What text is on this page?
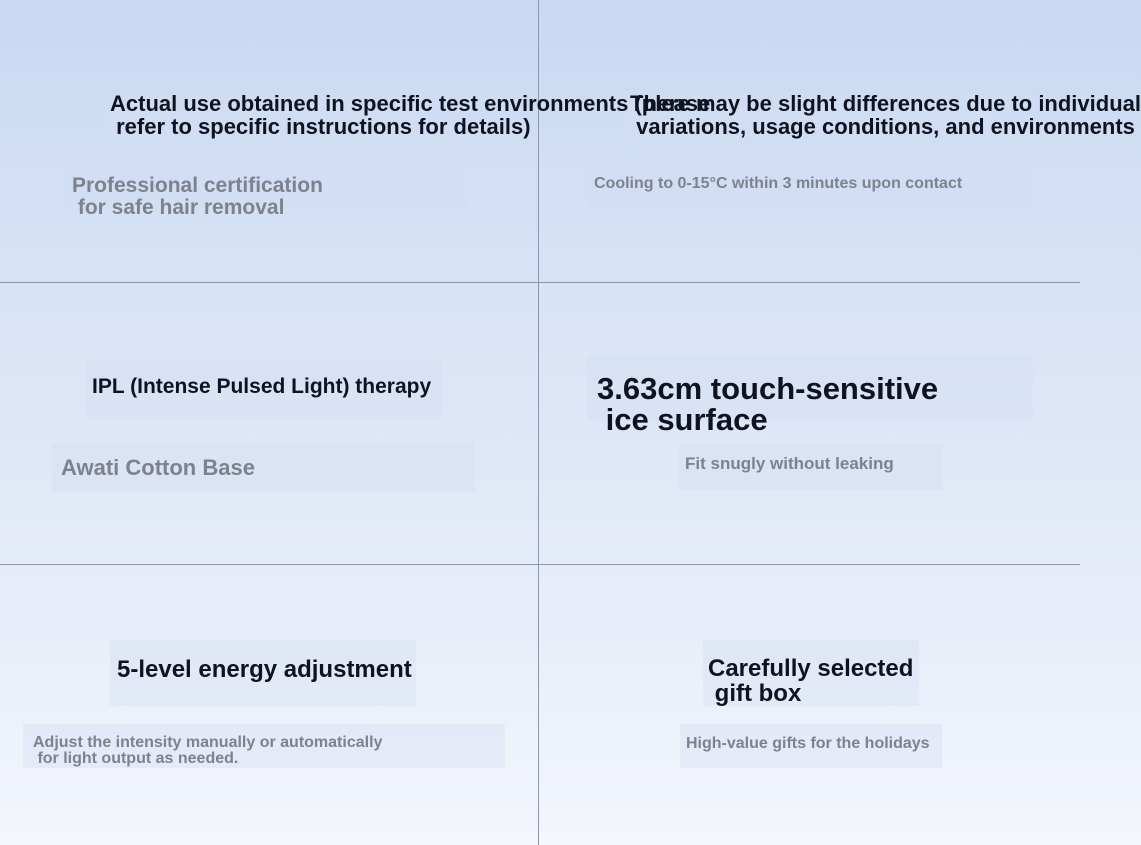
Actual use obtained in specific test environments (please
refer to specific instructions for details)

Professional certification
for safe hair removal

There may be slight differences due to individual
variations, usage conditions, and environments

Cooling to 0-15°C within 3 minutes upon contact

IPL (Intense Pulsed Light) therapy

Awati Cotton Base

3.63cm touch-sensitive
ice surface

Fit snugly without leaking

5-level energy adjustment

Adjust the intensity manually or automatically
for light output as needed.

Carefully selected
gift box

High-value gifts for the holidays
